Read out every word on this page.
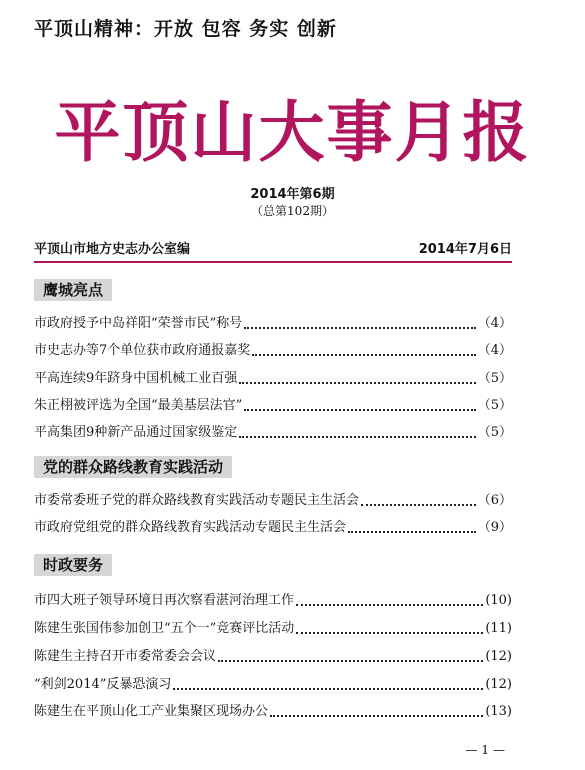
平顶山精神：开放 包容 务实 创新
平顶山大事月报
2014年第6期
（总第102期）
平顶山市地方史志办公室编	2014年7月6日
鹰城亮点
市政府授予中岛祥阳“荣誉市民”称号	（4）
市史志办等7个单位获市政府通报嘉奖	（4）
平高连续9年跻身中国机械工业百强	（5）
朱正栩被评选为全国“最美基层法官”	（5）
平高集团9种新产品通过国家级鉴定	（5）
党的群众路线教育实践活动
市委常委班子党的群众路线教育实践活动专题民主生活会	（6）
市政府党组党的群众路线教育实践活动专题民主生活会	（9）
时政要务
市四大班子领导环境日再次察看湛河治理工作	(10)
陈建生张国伟参加创卫“五个一”竞赛评比活动	(11)
陈建生主持召开市委常委会会议	(12)
“利剑2014”反暴恐演习	(12)
陈建生在平顶山化工产业集聚区现场办公	(13)
— 1 —
